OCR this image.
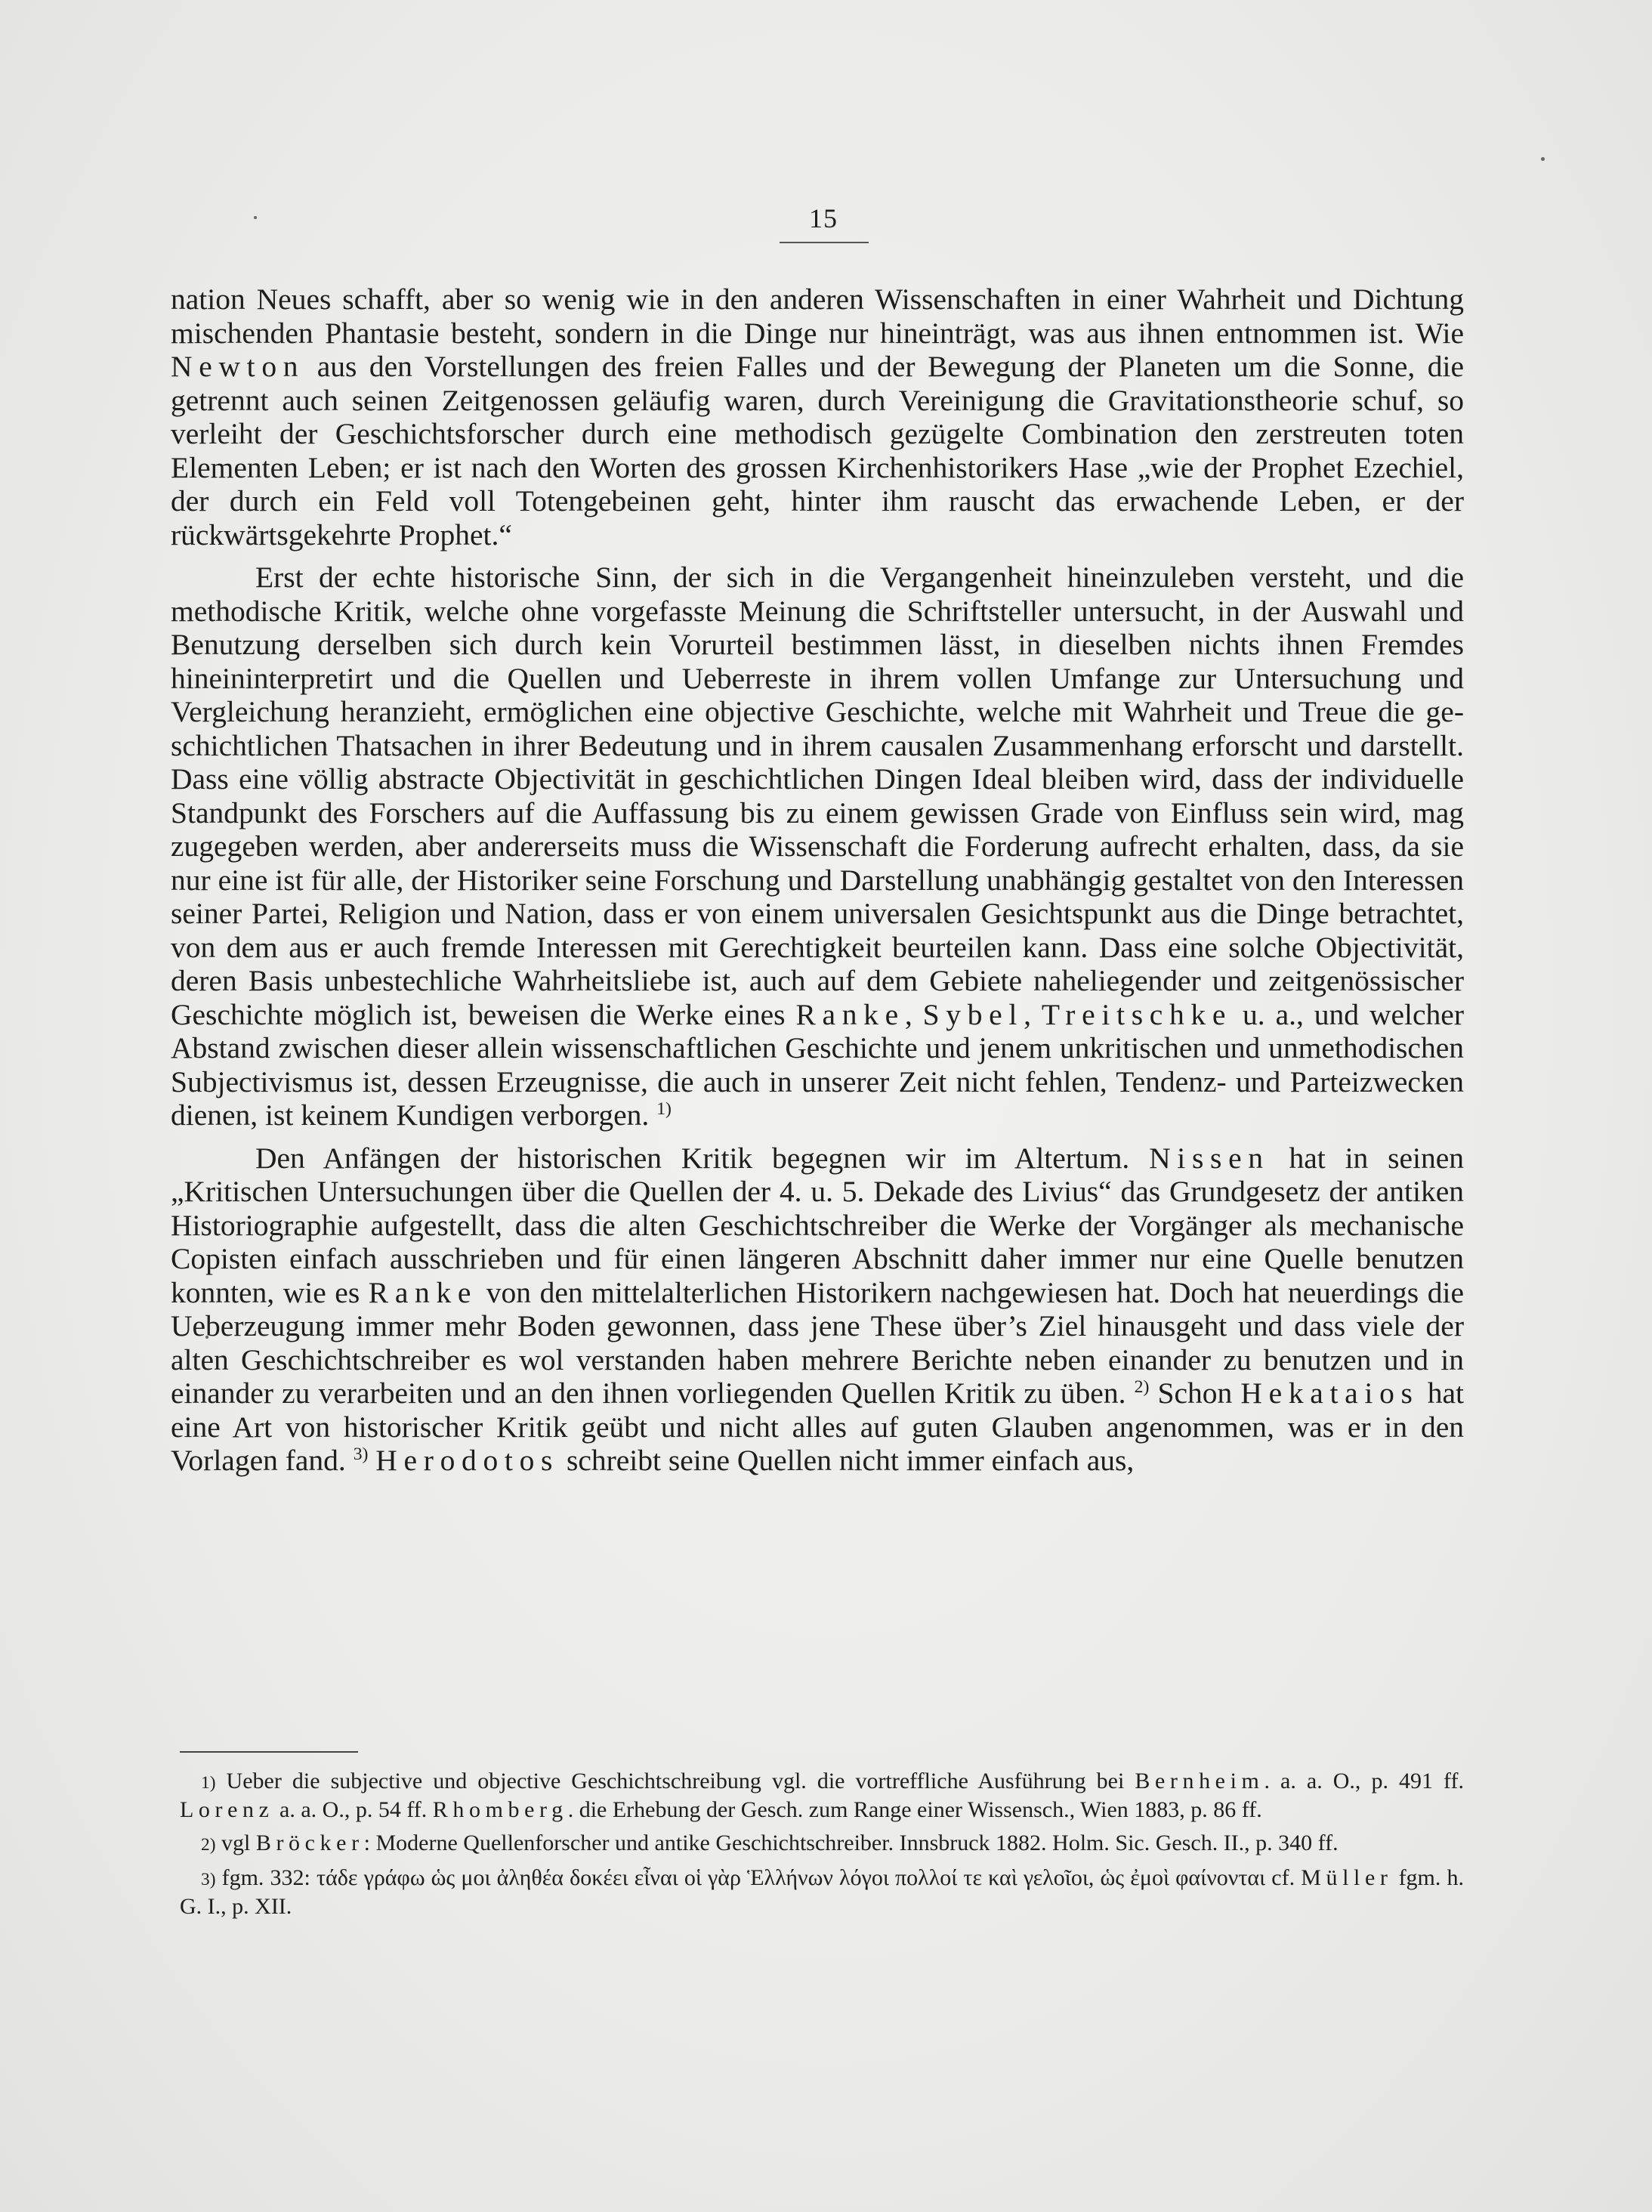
15

nation Neues schafft, aber so wenig wie in den anderen Wissenschaften in einer Wahrheit und Dichtung mischenden Phantasie besteht, sondern in die Dinge nur hineinträgt, was aus ihnen entnommen ist. Wie Newton aus den Vorstellungen des freien Falles und der Bewegung der Planeten um die Sonne, die getrennt auch seinen Zeitgenossen geläufig waren, durch Vereinigung die Gravitationstheorie schuf, so verleiht der Geschichtsforscher durch eine methodisch gezügelte Combination den zerstreuten toten Elementen Leben; er ist nach den Worten des grossen Kirchenhistorikers Hase „wie der Prophet Ezechiel, der durch ein Feld voll Totengebeinen geht, hinter ihm rauscht das erwachende Leben, er der rückwärtsgekehrte Prophet.“

Erst der echte historische Sinn, der sich in die Vergangenheit hineinzuleben versteht, und die methodische Kritik, welche ohne vorgefasste Meinung die Schriftsteller untersucht, in der Auswahl und Benutzung derselben sich durch kein Vorurteil bestimmen lässt, in dieselben nichts ihnen Fremdes hineininterpretirt und die Quellen und Ueberreste in ihrem vollen Umfange zur Untersuchung und Vergleichung heranzieht, ermöglichen eine objective Geschichte, welche mit Wahrheit und Treue die geschichtlichen Thatsachen in ihrer Bedeutung und in ihrem causalen Zusammenhang erforscht und darstellt. Dass eine völlig abstracte Objectivität in geschichtlichen Dingen Ideal bleiben wird, dass der individuelle Standpunkt des Forschers auf die Auffassung bis zu einem gewissen Grade von Einfluss sein wird, mag zugegeben werden, aber andererseits muss die Wissenschaft die Forderung aufrecht erhalten, dass, da sie nur eine ist für alle, der Historiker seine Forschung und Darstellung unabhängig gestaltet von den Interessen seiner Partei, Religion und Nation, dass er von einem universalen Gesichtspunkt aus die Dinge betrachtet, von dem aus er auch fremde Interessen mit Gerechtigkeit beurteilen kann. Dass eine solche Objectivität, deren Basis unbestechliche Wahrheitsliebe ist, auch auf dem Gebiete naheliegender und zeitgenössischer Geschichte möglich ist, beweisen die Werke eines Ranke, Sybel, Treitschke u. a., und welcher Abstand zwischen dieser allein wissenschaftlichen Geschichte und jenem unkritischen und unmethodischen Subjectivismus ist, dessen Erzeugnisse, die auch in unserer Zeit nicht fehlen, Tendenz- und Parteizwecken dienen, ist keinem Kundigen verborgen. $^{1)}$

Den Anfängen der historischen Kritik begegnen wir im Altertum. Nissen hat in seinen „Kritischen Untersuchungen über die Quellen der 4. u. 5. Dekade des Livius“ das Grundgesetz der antiken Historiographie aufgestellt, dass die alten Geschichtschreiber die Werke der Vorgänger als mechanische Copisten einfach ausschrieben und für einen längeren Abschnitt daher immer nur eine Quelle benutzen konnten, wie es Ranke von den mittelalterlichen Historikern nachgewiesen hat. Doch hat neuerdings die Ueberzeugung immer mehr Boden gewonnen, dass jene These über’s Ziel hinausgeht und dass viele der alten Geschichtschreiber es wol verstanden haben mehrere Berichte neben einander zu benutzen und in einander zu verarbeiten und an den ihnen vorliegenden Quellen Kritik zu üben. $^{2)}$ Schon Hekataios hat eine Art von historischer Kritik geübt und nicht alles auf guten Glauben angenommen, was er in den Vorlagen fand. $^{3)}$ Herodotos schreibt seine Quellen nicht immer einfach aus,

1) Ueber die subjective und objective Geschichtschreibung vgl. die vortreffliche Ausführung bei Bernheim. a. a. O., p. 491 ff. Lorenz a. a. O., p. 54 ff. Rhomberg. die Erhebung der Gesch. zum Range einer Wissensch., Wien 1883, p. 86 ff.

2) vgl Bröcker: Moderne Quellenforscher und antike Geschichtschreiber. Innsbruck 1882. Holm. Sic. Gesch. II., p. 340 ff.

3) fgm. 332: τάδε γράφω ὡς μοι ἀληθέα δοκέει εἶναι οἱ γὰρ Ἑλλήνων λόγοι πολλοί τε καὶ γελοῖοι, ὡς ἐμοὶ φαίνονται cf. Müller fgm. h. G. I., p. XII.
